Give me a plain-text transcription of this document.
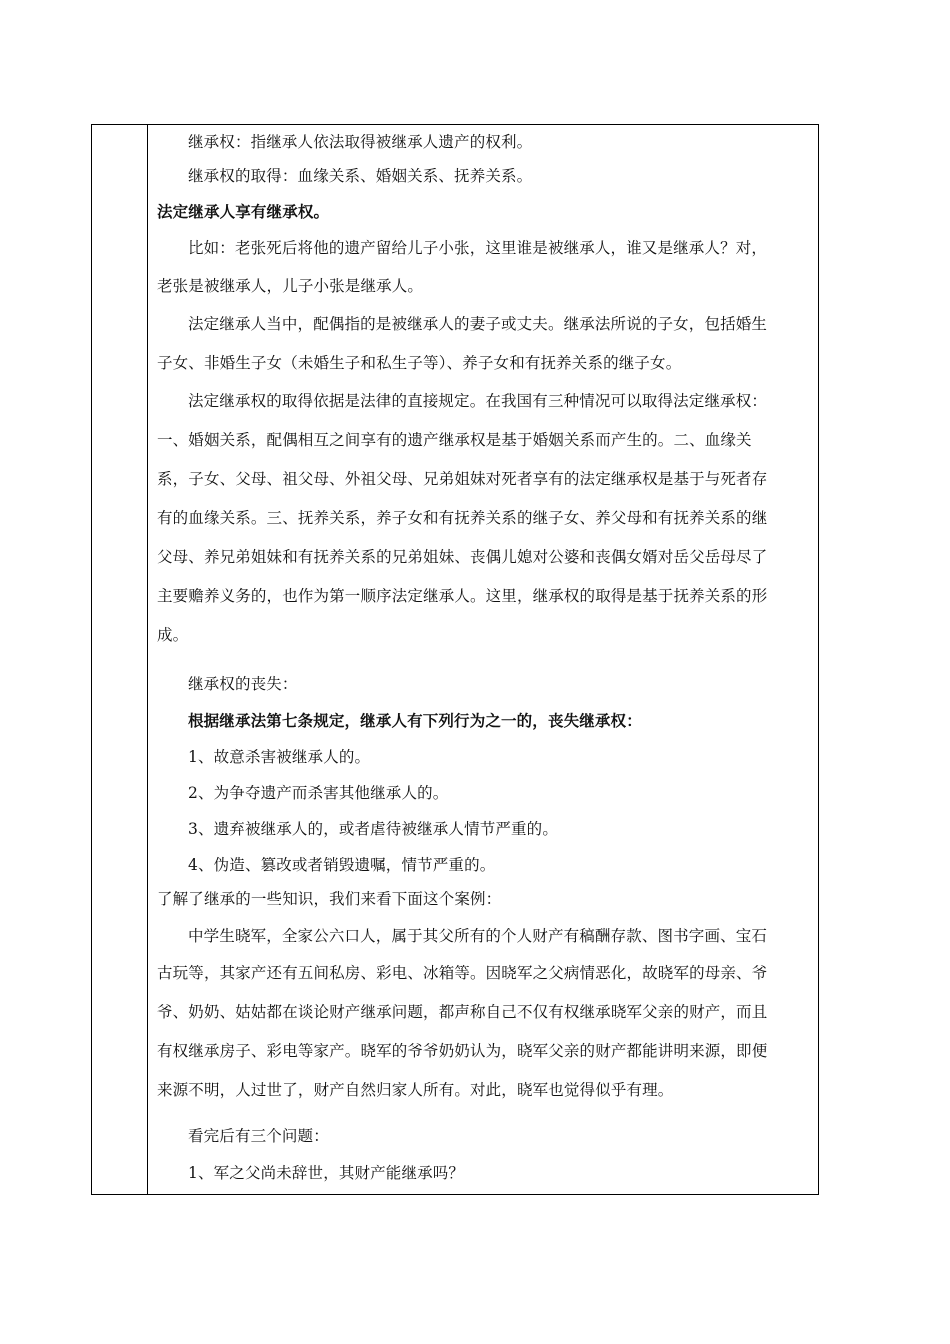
继承权：指继承人依法取得被继承人遗产的权利。
继承权的取得：血缘关系、婚姻关系、抚养关系。
法定继承人享有继承权。
比如：老张死后将他的遗产留给儿子小张，这里谁是被继承人，谁又是继承人？对，
老张是被继承人，儿子小张是继承人。
法定继承人当中，配偶指的是被继承人的妻子或丈夫。继承法所说的子女，包括婚生
子女、非婚生子女（未婚生子和私生子等）、养子女和有抚养关系的继子女。
法定继承权的取得依据是法律的直接规定。在我国有三种情况可以取得法定继承权：
一、婚姻关系，配偶相互之间享有的遗产继承权是基于婚姻关系而产生的。二、血缘关
系，子女、父母、祖父母、外祖父母、兄弟姐妹对死者享有的法定继承权是基于与死者存
有的血缘关系。三、抚养关系，养子女和有抚养关系的继子女、养父母和有抚养关系的继
父母、养兄弟姐妹和有抚养关系的兄弟姐妹、丧偶儿媳对公婆和丧偶女婿对岳父岳母尽了
主要赡养义务的，也作为第一顺序法定继承人。这里，继承权的取得是基于抚养关系的形
成。
继承权的丧失：
根据继承法第七条规定，继承人有下列行为之一的，丧失继承权：
1、故意杀害被继承人的。
2、为争夺遗产而杀害其他继承人的。
3、遗弃被继承人的，或者虐待被继承人情节严重的。
4、伪造、篡改或者销毁遗嘱，情节严重的。
了解了继承的一些知识，我们来看下面这个案例：
中学生晓军，全家公六口人，属于其父所有的个人财产有稿酬存款、图书字画、宝石
古玩等，其家产还有五间私房、彩电、冰箱等。因晓军之父病情恶化，故晓军的母亲、爷
爷、奶奶、姑姑都在谈论财产继承问题，都声称自己不仅有权继承晓军父亲的财产，而且
有权继承房子、彩电等家产。晓军的爷爷奶奶认为，晓军父亲的财产都能讲明来源，即便
来源不明，人过世了，财产自然归家人所有。对此，晓军也觉得似乎有理。
看完后有三个问题：
1、军之父尚未辞世，其财产能继承吗？
